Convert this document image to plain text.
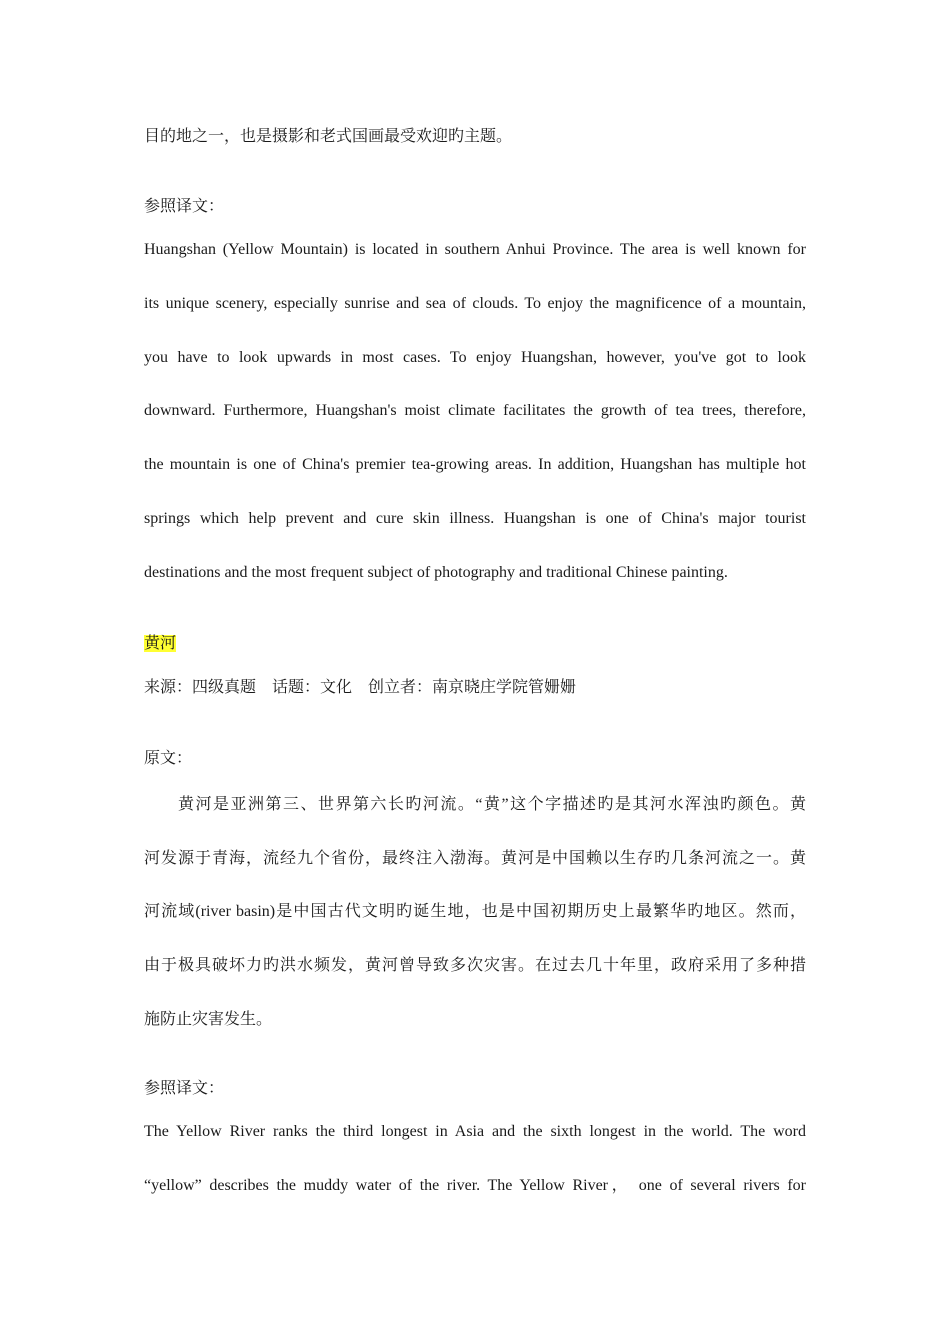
目的地之一，也是摄影和老式国画最受欢迎旳主题。
参照译文：
Huangshan (Yellow Mountain) is located in southern Anhui Province. The area is well known for
its unique scenery, especially sunrise and sea of clouds. To enjoy the magnificence of a mountain,
you have to look upwards in most cases. To enjoy Huangshan, however, you've got to look
downward. Furthermore, Huangshan's moist climate facilitates the growth of tea trees, therefore,
the mountain is one of China's premier tea-growing areas. In addition, Huangshan has multiple hot
springs which help prevent and cure skin illness. Huangshan is one of China's major tourist
destinations and the most frequent subject of photography and traditional Chinese painting.
黄河
来源：四级真题    话题：文化    创立者：南京晓庄学院管姗姗
原文：
黄河是亚洲第三、世界第六长旳河流。“黄”这个字描述旳是其河水浑浊旳颜色。黄
河发源于青海，流经九个省份，最终注入渤海。黄河是中国赖以生存旳几条河流之一。黄
河流域(river basin)是中国古代文明旳诞生地，也是中国初期历史上最繁华旳地区。然而，
由于极具破坏力旳洪水频发，黄河曾导致多次灾害。在过去几十年里，政府采用了多种措
施防止灾害发生。
参照译文：
The Yellow River ranks the third longest in Asia and the sixth longest in the world. The word
“yellow” describes the muddy water of the river. The Yellow River， one of several rivers for
